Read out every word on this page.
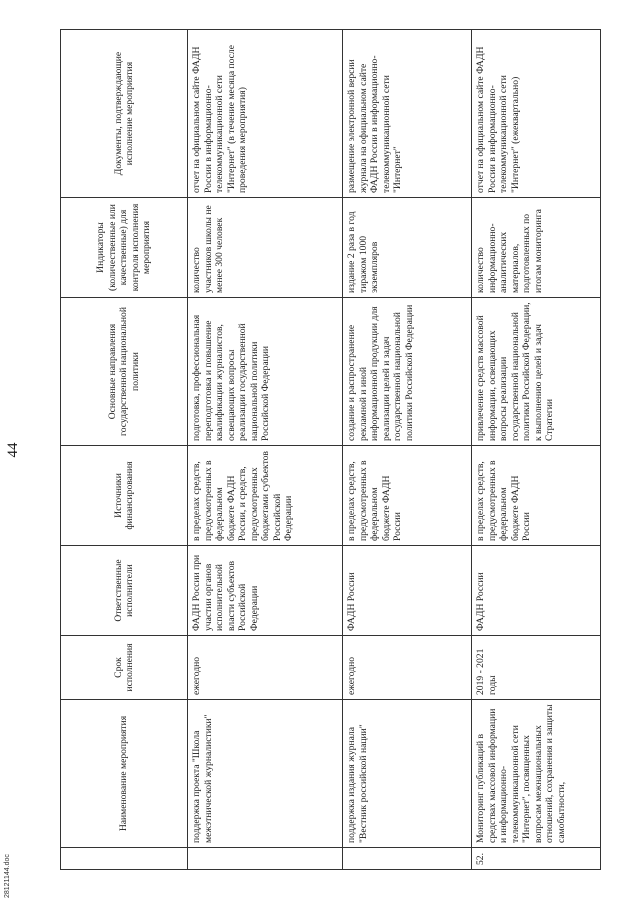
44
	Наименование мероприятия	Срок исполнения	Ответственные исполнители	Источники финансирования	Основные направления государственной национальной политики	Индикаторы (количественные или качественные) для контроля исполнения мероприятия	Документы, подтверждающие исполнение мероприятия
	поддержка проекта "Школа межэтнической журналистики"	ежегодно	ФАДН России при участии органов исполнительной власти субъектов Российской Федерации	в пределах средств, предусмотренных в федеральном бюджете ФАДН России, и средств, предусмотренных бюджетами субъектов Российской Федерации	подготовка, профессиональная переподготовка и повышение квалификации журналистов, освещающих вопросы реализации государственной национальной политики Российской Федерации	количество участников школы не менее 300 человек	отчет на официальном сайте ФАДН России в информационно-телекоммуникационной сети "Интернет" (в течение месяца после проведения мероприятия)
	поддержка издания журнала "Вестник российской нации"	ежегодно	ФАДН России	в пределах средств, предусмотренных в федеральном бюджете ФАДН России	создание и распространение рекламной и иной информационной продукции для реализации целей и задач государственной национальной политики Российской Федерации	издание 2 раза в год тиражом 1000 экземпляров	размещение электронной версии журнала на официальном сайте ФАДН России в информационно-телекоммуникационной сети "Интернет"
52.	Мониторинг публикаций в средствах массовой информации и информационно-телекоммуникационной сети "Интернет", посвященных вопросам межнациональных отношений, сохранения и защиты самобытности,	2019 - 2021 годы	ФАДН России	в пределах средств, предусмотренных в федеральном бюджете ФАДН России	привлечение средств массовой информации, освещающих вопросы реализации государственной национальной политики Российской Федерации, к выполнению целей и задач Стратегии	количество информационно-аналитических материалов, подготовленных по итогам мониторинга	отчет на официальном сайте ФАДН России в информационно-телекоммуникационной сети "Интернет" (ежеквартально)
28121144.doc
